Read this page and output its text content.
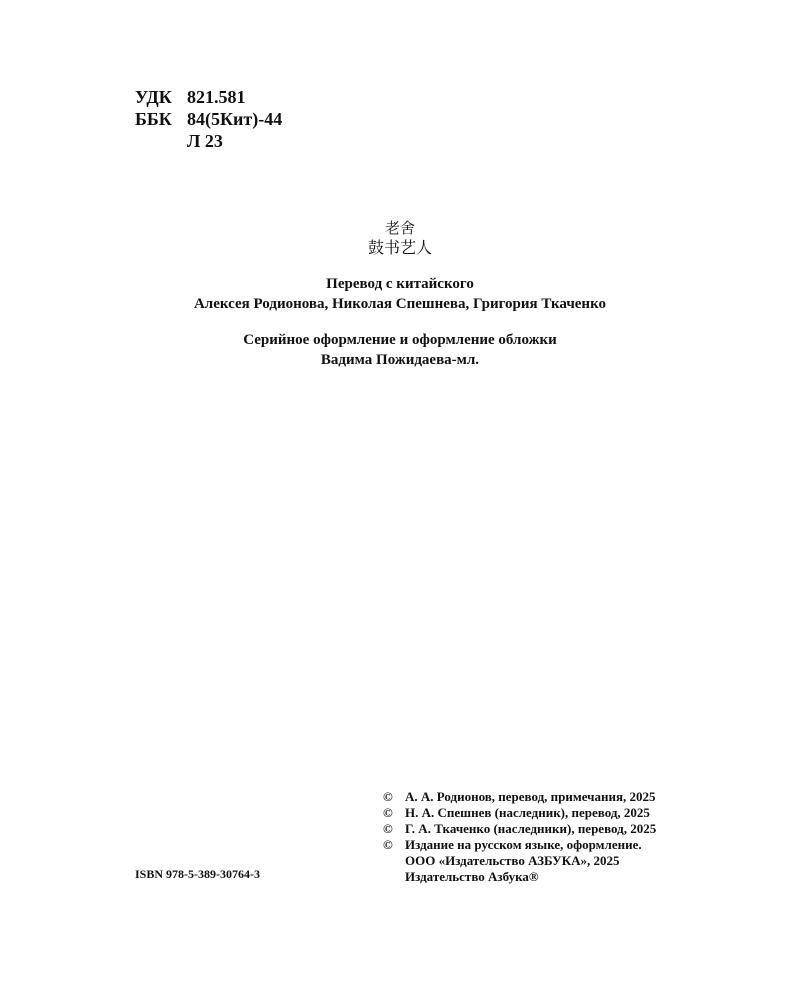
УДК 821.581
ББК 84(5Кит)-44
Л 23
老舍
鼓书艺人
Перевод с китайского
Алексея Родионова, Николая Спешнева, Григория Ткаченко
Серийное оформление и оформление обложки
Вадима Пожидаева-мл.
© А. А. Родионов, перевод, примечания, 2025
© Н. А. Спешнев (наследник), перевод, 2025
© Г. А. Ткаченко (наследники), перевод, 2025
© Издание на русском языке, оформление.
ООО «Издательство АЗБУКА», 2025
Издательство Азбука®
ISBN 978-5-389-30764-3
